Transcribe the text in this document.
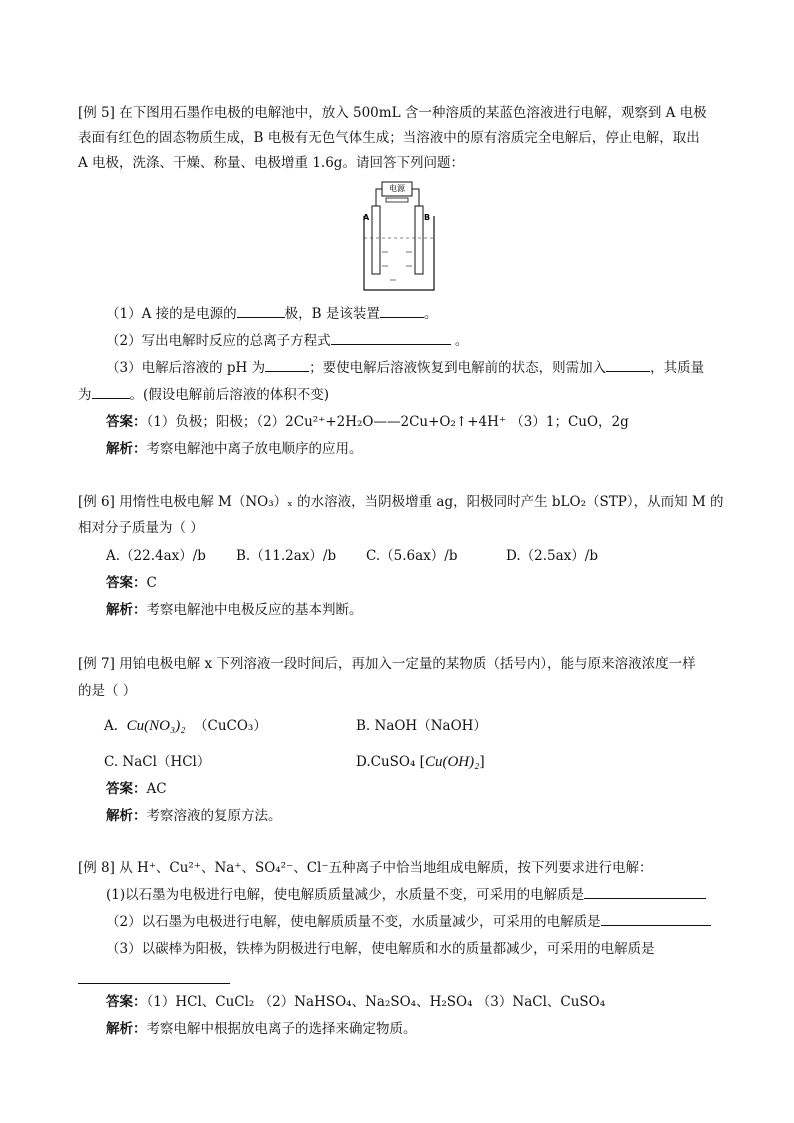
[例 5] 在下图用石墨作电极的电解池中，放入 500mL 含一种溶质的某蓝色溶液进行电解，观察到 A 电极
表面有红色的固态物质生成，B 电极有无色气体生成；当溶液中的原有溶质完全电解后，停止电解，取出
A 电极，洗涤、干燥、称量、电极增重 1.6g。请回答下列问题：
电源
A	B
（1）A 接的是电源的	极，B 是该装置	。
（2）写出电解时反应的总离子方程式	。
（3）电解后溶液的 pH 为	；要使电解后溶液恢复到电解前的状态，则需加入	，其质量
为	。(假设电解前后溶液的体积不变)
答案：（1）负极；阳极；（2）2Cu²⁺+2H₂O——2Cu+O₂↑+4H⁺ （3）1；CuO，2g
解析：考察电解池中离子放电顺序的应用。
[例 6] 用惰性电极电解 M（NO₃）ₓ 的水溶液，当阴极增重 ag，阳极同时产生 bLO₂（STP），从而知 M 的
相对分子质量为（ ）
A.（22.4ax）/b B.（11.2ax）/b C.（5.6ax）/b	D.（2.5ax）/b
答案：C
解析：考察电解池中电极反应的基本判断。
[例 7] 用铂电极电解 x 下列溶液一段时间后，再加入一定量的某物质（括号内），能与原来溶液浓度一样
的是（ ）
A. Cu(NO₃)₂ （CuCO₃）	B. NaOH（NaOH）
C. NaCl（HCl）	D.CuSO₄ [Cu(OH)₂]
答案：AC
解析：考察溶液的复原方法。
[例 8] 从 H⁺、Cu²⁺、Na⁺、SO₄²⁻、Cl⁻五种离子中恰当地组成电解质，按下列要求进行电解：
(1)以石墨为电极进行电解，使电解质质量减少，水质量不变，可采用的电解质是
（2）以石墨为电极进行电解，使电解质质量不变，水质量减少，可采用的电解质是
（3）以碳棒为阳极，铁棒为阴极进行电解，使电解质和水的质量都减少，可采用的电解质是
答案：（1）HCl、CuCl₂ （2）NaHSO₄、Na₂SO₄、H₂SO₄ （3）NaCl、CuSO₄
解析：考察电解中根据放电离子的选择来确定物质。
